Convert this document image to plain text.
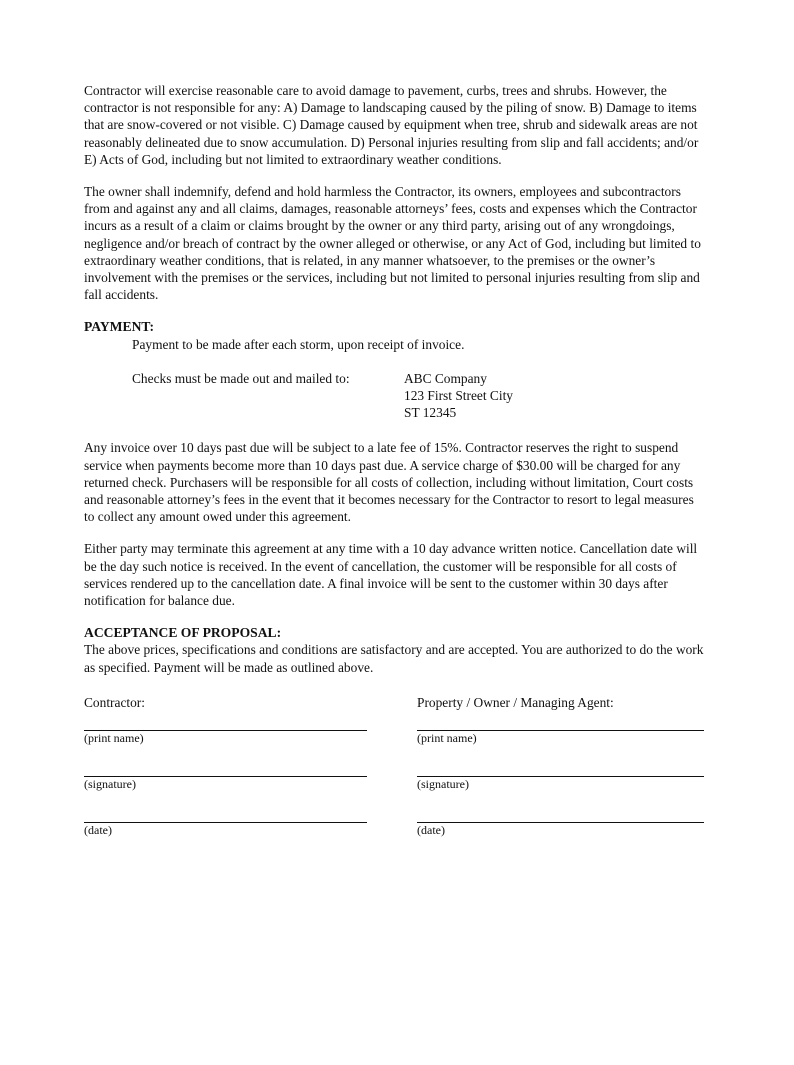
Contractor will exercise reasonable care to avoid damage to pavement, curbs, trees and shrubs. However, the contractor is not responsible for any: A) Damage to landscaping caused by the piling of snow. B) Damage to items that are snow-covered or not visible. C) Damage caused by equipment when tree, shrub and sidewalk areas are not reasonably delineated due to snow accumulation. D) Personal injuries resulting from slip and fall accidents; and/or E) Acts of God, including but not limited to extraordinary weather conditions.

The owner shall indemnify, defend and hold harmless the Contractor, its owners, employees and subcontractors from and against any and all claims, damages, reasonable attorneys’ fees, costs and expenses which the Contractor incurs as a result of a claim or claims brought by the owner or any third party, arising out of any wrongdoings, negligence and/or breach of contract by the owner alleged or otherwise, or any Act of God, including but limited to extraordinary weather conditions, that is related, in any manner whatsoever, to the premises or the owner’s involvement with the premises or the services, including but not limited to personal injuries resulting from slip and fall accidents.

PAYMENT:

Payment to be made after each storm, upon receipt of invoice.

Checks must be made out and mailed to:	ABC Company
123 First Street City
ST 12345

Any invoice over 10 days past due will be subject to a late fee of 15%. Contractor reserves the right to suspend service when payments become more than 10 days past due. A service charge of $30.00 will be charged for any returned check. Purchasers will be responsible for all costs of collection, including without limitation, Court costs and reasonable attorney’s fees in the event that it becomes necessary for the Contractor to resort to legal measures to collect any amount owed under this agreement.

Either party may terminate this agreement at any time with a 10 day advance written notice. Cancellation date will be the day such notice is received. In the event of cancellation, the customer will be responsible for all costs of services rendered up to the cancellation date. A final invoice will be sent to the customer within 30 days after notification for balance due.

ACCEPTANCE OF PROPOSAL:

The above prices, specifications and conditions are satisfactory and are accepted. You are authorized to do the work as specified. Payment will be made as outlined above.

Contractor:
(print name)
(signature)
(date)
Property / Owner / Managing Agent:
(print name)
(signature)
(date)
